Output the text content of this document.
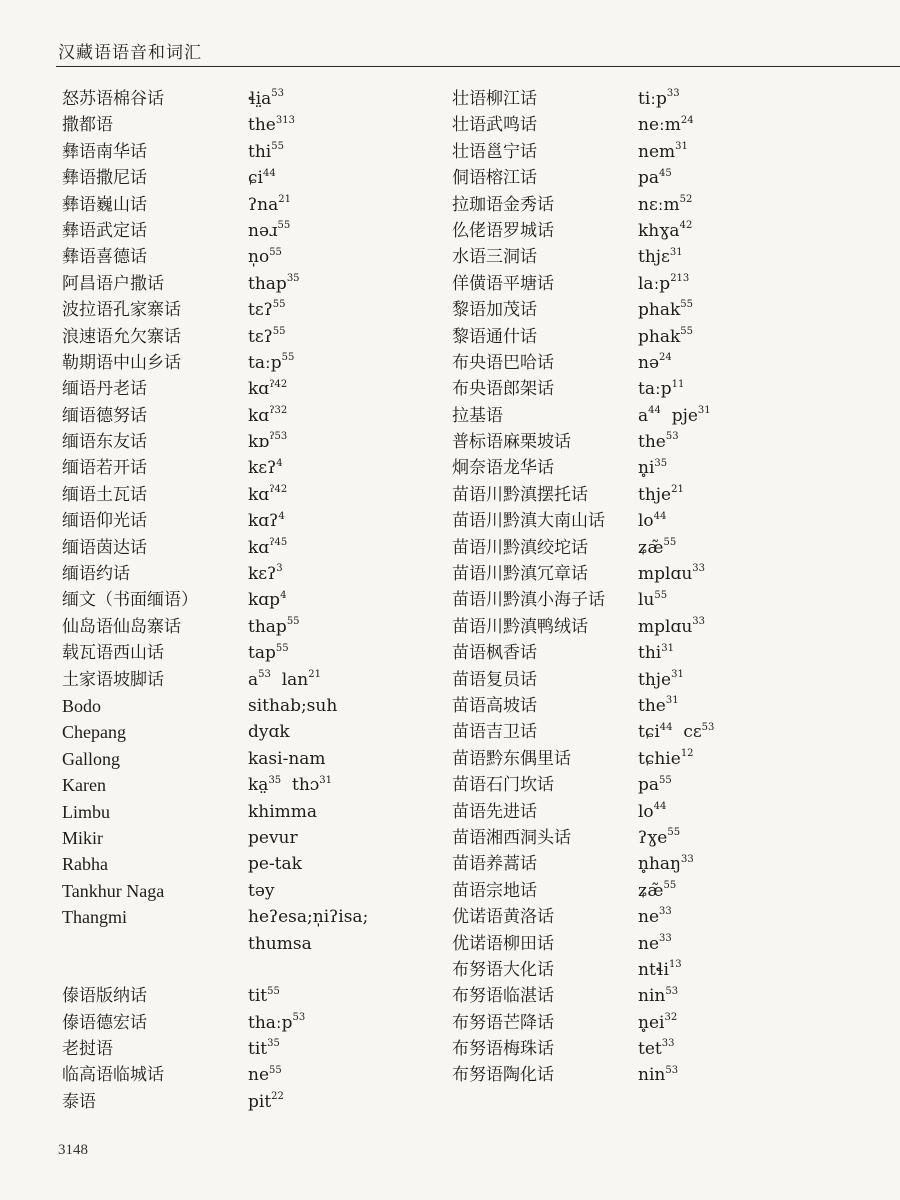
汉藏语语音和词汇
怒苏语棉谷话	$ɬi̤a^{53}$
撒都语	the$^{313}$
彝语南华话	thi$^{55}$
彝语撒尼话	ɕi$^{44}$
彝语巍山话	ʔna$^{21}$
彝语武定话	nəɹ$^{55}$
彝语喜德话	$n̩o^{55}$
阿昌语户撒话	thap$^{35}$
波拉语孔家寨话	tɛʔ$^{55}$
浪速语允欠寨话	tɛʔ$^{55}$
勒期语中山乡话	taːp$^{55}$
缅语丹老话	kɑ$^{ʔ42}$
缅语德努话	kɑ$^{ʔ32}$
缅语东友话	kɒ$^{ʔ53}$
缅语若开话	kɛʔ$^4$
缅语土瓦话	kɑ$^{ʔ42}$
缅语仰光话	kɑʔ$^4$
缅语茵达话	kɑ$^{ʔ45}$
缅语约话	kɛʔ$^3$
缅文（书面缅语）	kɑp$^4$
仙岛语仙岛寨话	thap$^{55}$
载瓦语西山话	tap$^{55}$
土家语坡脚话	$a^{53}$ lan$^{21}$
Bodo	sithab;suh
Chepang	dyɑk
Gallong	kasi-nam
Karen	ka̤$^{35}$ thɔ$^{31}$
Limbu	khimma
Mikir	pevur
Rabha	pe-tak
Tankhur Naga	təy
Thangmi	heʔesa;n̩iʔisa;
thumsa
傣语版纳话	tit$^{55}$
傣语德宏话	thaːp$^{53}$
老挝语	tit$^{35}$
临高语临城话	$ne^{55}$
泰语	pit$^{22}$
壮语柳江话	tiːp$^{33}$
壮语武鸣话	neːm$^{24}$
壮语邕宁话	nem$^{31}$
侗语榕江话	$pa^{45}$
拉珈语金秀话	nɛːm$^{52}$
仫佬语罗城话	khɣa$^{42}$
水语三洞话	thjɛ$^{31}$
佯僙语平塘话	laːp$^{213}$
黎语加茂话	phak$^{55}$
黎语通什话	phak$^{55}$
布央语巴哈话	nə$^{24}$
布央语郎架话	taːp$^{11}$
拉基语	$a^{44}$ pje$^{31}$
普标语麻栗坡话	the$^{53}$
炯奈语龙华话	$n̥i^{35}$
苗语川黔滇摆托话	thje$^{21}$
苗语川黔滇大南山话 $lo^{44}$
苗语川黔滇绞坨话	ʑæ̃$^{55}$
苗语川黔滇冗章话	mplɑu$^{33}$
苗语川黔滇小海子话 $lu^{55}$
苗语川黔滇鸭绒话	mplɑu$^{33}$
苗语枫香话	thi$^{31}$
苗语复员话	thje$^{31}$
苗语高坡话	the$^{31}$
苗语吉卫话	tɕi$^{44}$ cɛ$^{53}$
苗语黔东偶里话	tɕhie$^{12}$
苗语石门坎话	$pa^{55}$
苗语先进话	$lo^{44}$
苗语湘西洞头话	ʔɣe$^{55}$
苗语养蒿话	n̥haŋ$^{33}$
苗语宗地话	ʑæ̃$^{55}$
优诺语黄洛话	$ne^{33}$
优诺语柳田话	$ne^{33}$
布努语大化话	ntɬi$^{13}$
布努语临湛话	nin$^{53}$
布努语芒降话	$n̥ei^{32}$
布努语梅珠话	tet$^{33}$
布努语陶化话	nin$^{53}$
3148
